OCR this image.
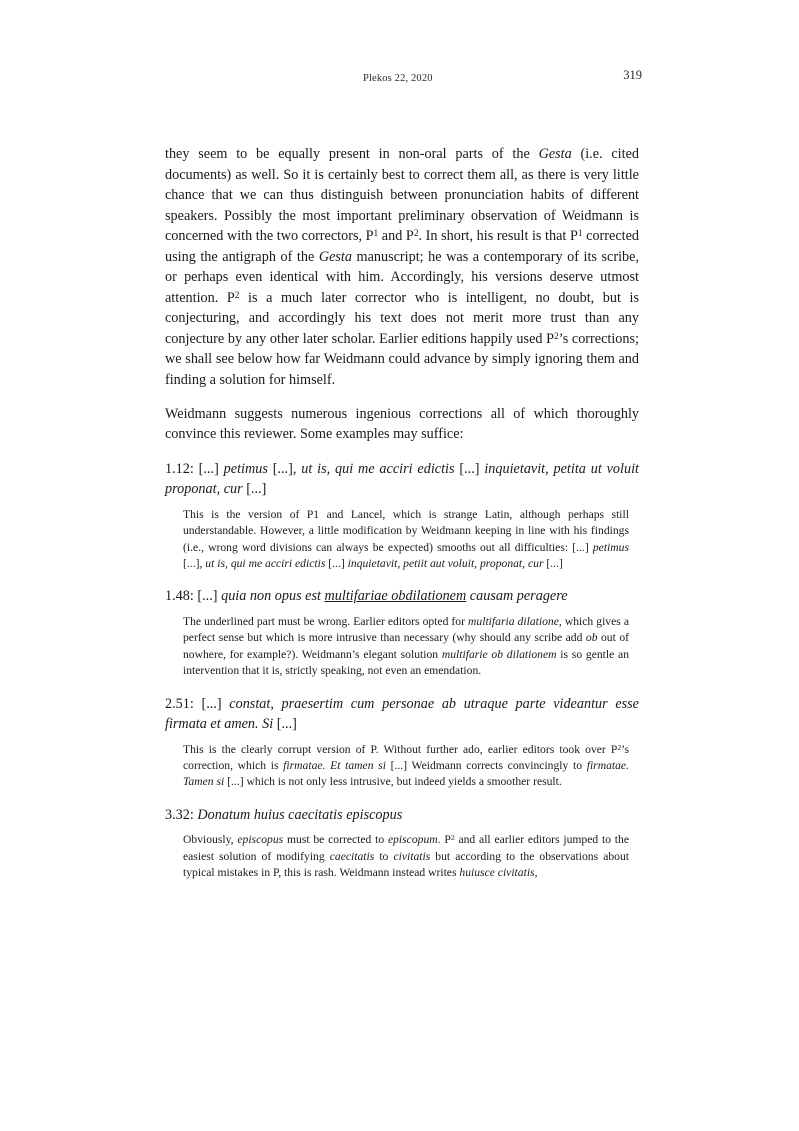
Plekos 22, 2020	319

they seem to be equally present in non-oral parts of the Gesta (i.e. cited documents) as well. So it is certainly best to correct them all, as there is very little chance that we can thus distinguish between pronunciation habits of different speakers. Possibly the most important preliminary observation of Weidmann is concerned with the two correctors, $P^1$ and $P^2$. In short, his result is that $P^1$ corrected using the antigraph of the Gesta manuscript; he was a contemporary of its scribe, or perhaps even identical with him. Accordingly, his versions deserve utmost attention. $P^2$ is a much later corrector who is intelligent, no doubt, but is conjecturing, and accordingly his text does not merit more trust than any conjecture by any other later scholar. Earlier editions happily used $P^2’s$ corrections; we shall see below how far Weidmann could advance by simply ignoring them and finding a solution for himself.

Weidmann suggests numerous ingenious corrections all of which thoroughly convince this reviewer. Some examples may suffice:

1.12: [...] petimus [...], ut is, qui me acciri edictis [...] inquietavit, petita ut voluit proponat, cur [...]
This is the version of P1 and Lancel, which is strange Latin, although perhaps still understandable. However, a little modification by Weidmann keeping in line with his findings (i.e., wrong word divisions can always be expected) smooths out all difficulties: [...] petimus [...], ut is, qui me acciri edictis [...] inquietavit, petiit aut voluit, proponat, cur [...]
1.48: [...] quia non opus est multifariae obdilationem causam peragere
The underlined part must be wrong. Earlier editors opted for multifaria dilatione, which gives a perfect sense but which is more intrusive than necessary (why should any scribe add ob out of nowhere, for example?). Weidmann’s elegant solution multifarie ob dilationem is so gentle an intervention that it is, strictly speaking, not even an emendation.
2.51: [...] constat, praesertim cum personae ab utraque parte videantur esse firmata et amen. Si [...]
This is the clearly corrupt version of P. Without further ado, earlier editors took over $P^2’s$ correction, which is firmatae. Et tamen si [...] Weidmann corrects convincingly to firmatae. Tamen si [...] which is not only less intrusive, but indeed yields a smoother result.
3.32: Donatum huius caecitatis episcopus
Obviously, episcopus must be corrected to episcopum. $P^2$ and all earlier editors jumped to the easiest solution of modifying caecitatis to civitatis but according to the observations about typical mistakes in P, this is rash. Weidmann instead writes huiusce civitatis,
